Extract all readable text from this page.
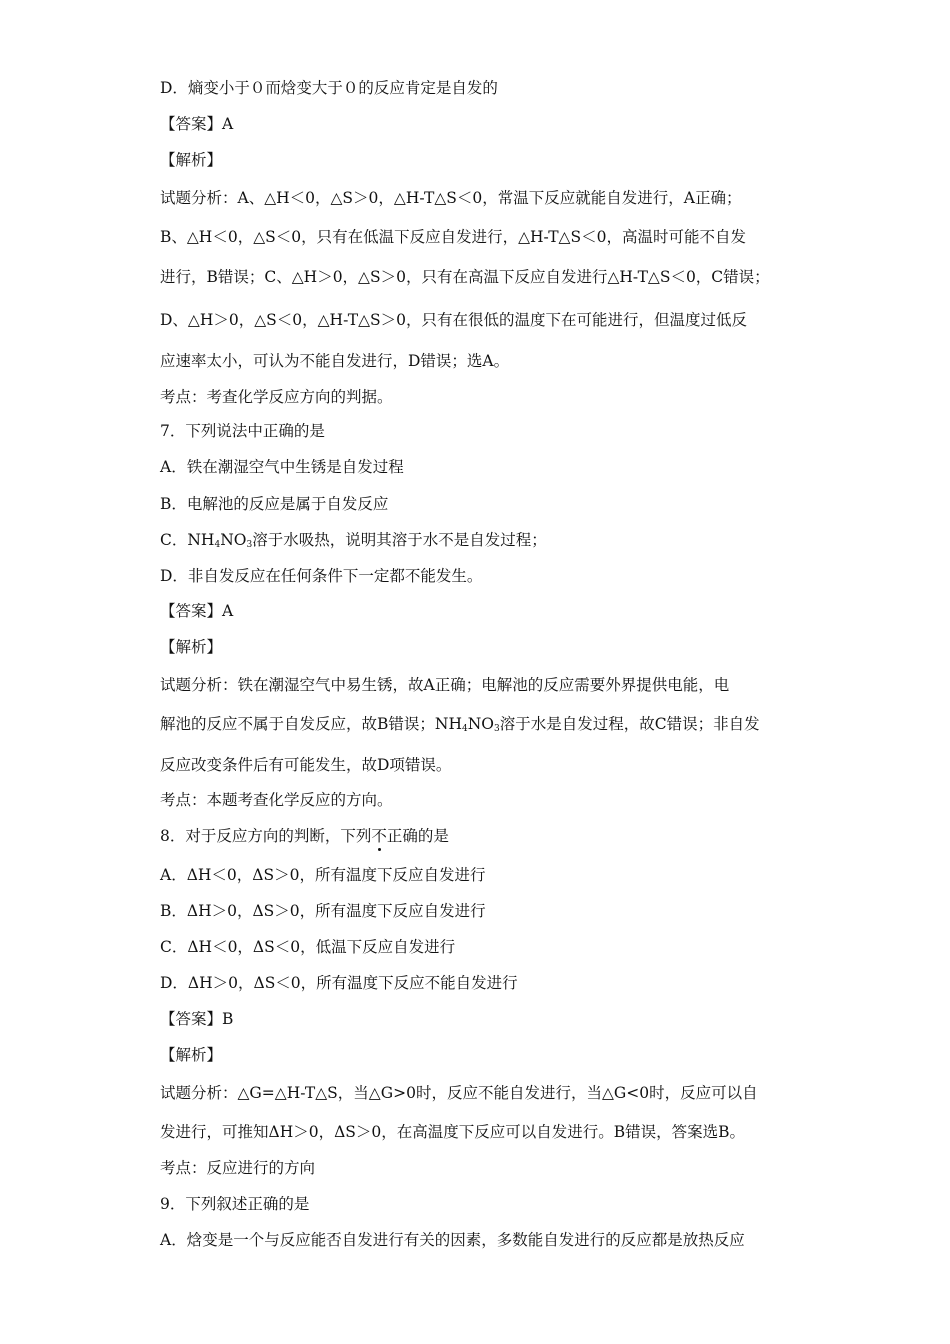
D．熵变小于０而焓变大于０的反应肯定是自发的
【答案】A
【解析】
试题分析：A、△H＜0，△S＞0，△H-T△S＜0，常温下反应就能自发进行，A正确；
B、△H＜0，△S＜0，只有在低温下反应自发进行，△H-T△S＜0，高温时可能不自发
进行，B错误；C、△H＞0，△S＞0，只有在高温下反应自发进行△H-T△S＜0，C错误；
D、△H＞0，△S＜0，△H-T△S＞0，只有在很低的温度下在可能进行，但温度过低反
应速率太小，可认为不能自发进行，D错误；选A。
考点：考查化学反应方向的判据。
7．下列说法中正确的是
A．铁在潮湿空气中生锈是自发过程
B．电解池的反应是属于自发反应
C．$NH_4NO_3$溶于水吸热，说明其溶于水不是自发过程；
D．非自发反应在任何条件下一定都不能发生。
【答案】A
【解析】
试题分析：铁在潮湿空气中易生锈，故A正确；电解池的反应需要外界提供电能，电
解池的反应不属于自发反应，故B错误；$NH_4NO_3$溶于水是自发过程，故C错误；非自发
反应改变条件后有可能发生，故D项错误。
考点：本题考查化学反应的方向。
8．对于反应方向的判断，下列不正确的是
A．ΔH＜0，ΔS＞0，所有温度下反应自发进行
B．ΔH＞0，ΔS＞0，所有温度下反应自发进行
C．ΔH＜0，ΔS＜0，低温下反应自发进行
D．ΔH＞0，ΔS＜0，所有温度下反应不能自发进行
【答案】B
【解析】
试题分析：△G=△H-T△S，当△G>0时，反应不能自发进行，当△G<0时，反应可以自
发进行，可推知ΔH＞0，ΔS＞0，在高温度下反应可以自发进行。B错误，答案选B。
考点：反应进行的方向
9．下列叙述正确的是
A．焓变是一个与反应能否自发进行有关的因素，多数能自发进行的反应都是放热反应
